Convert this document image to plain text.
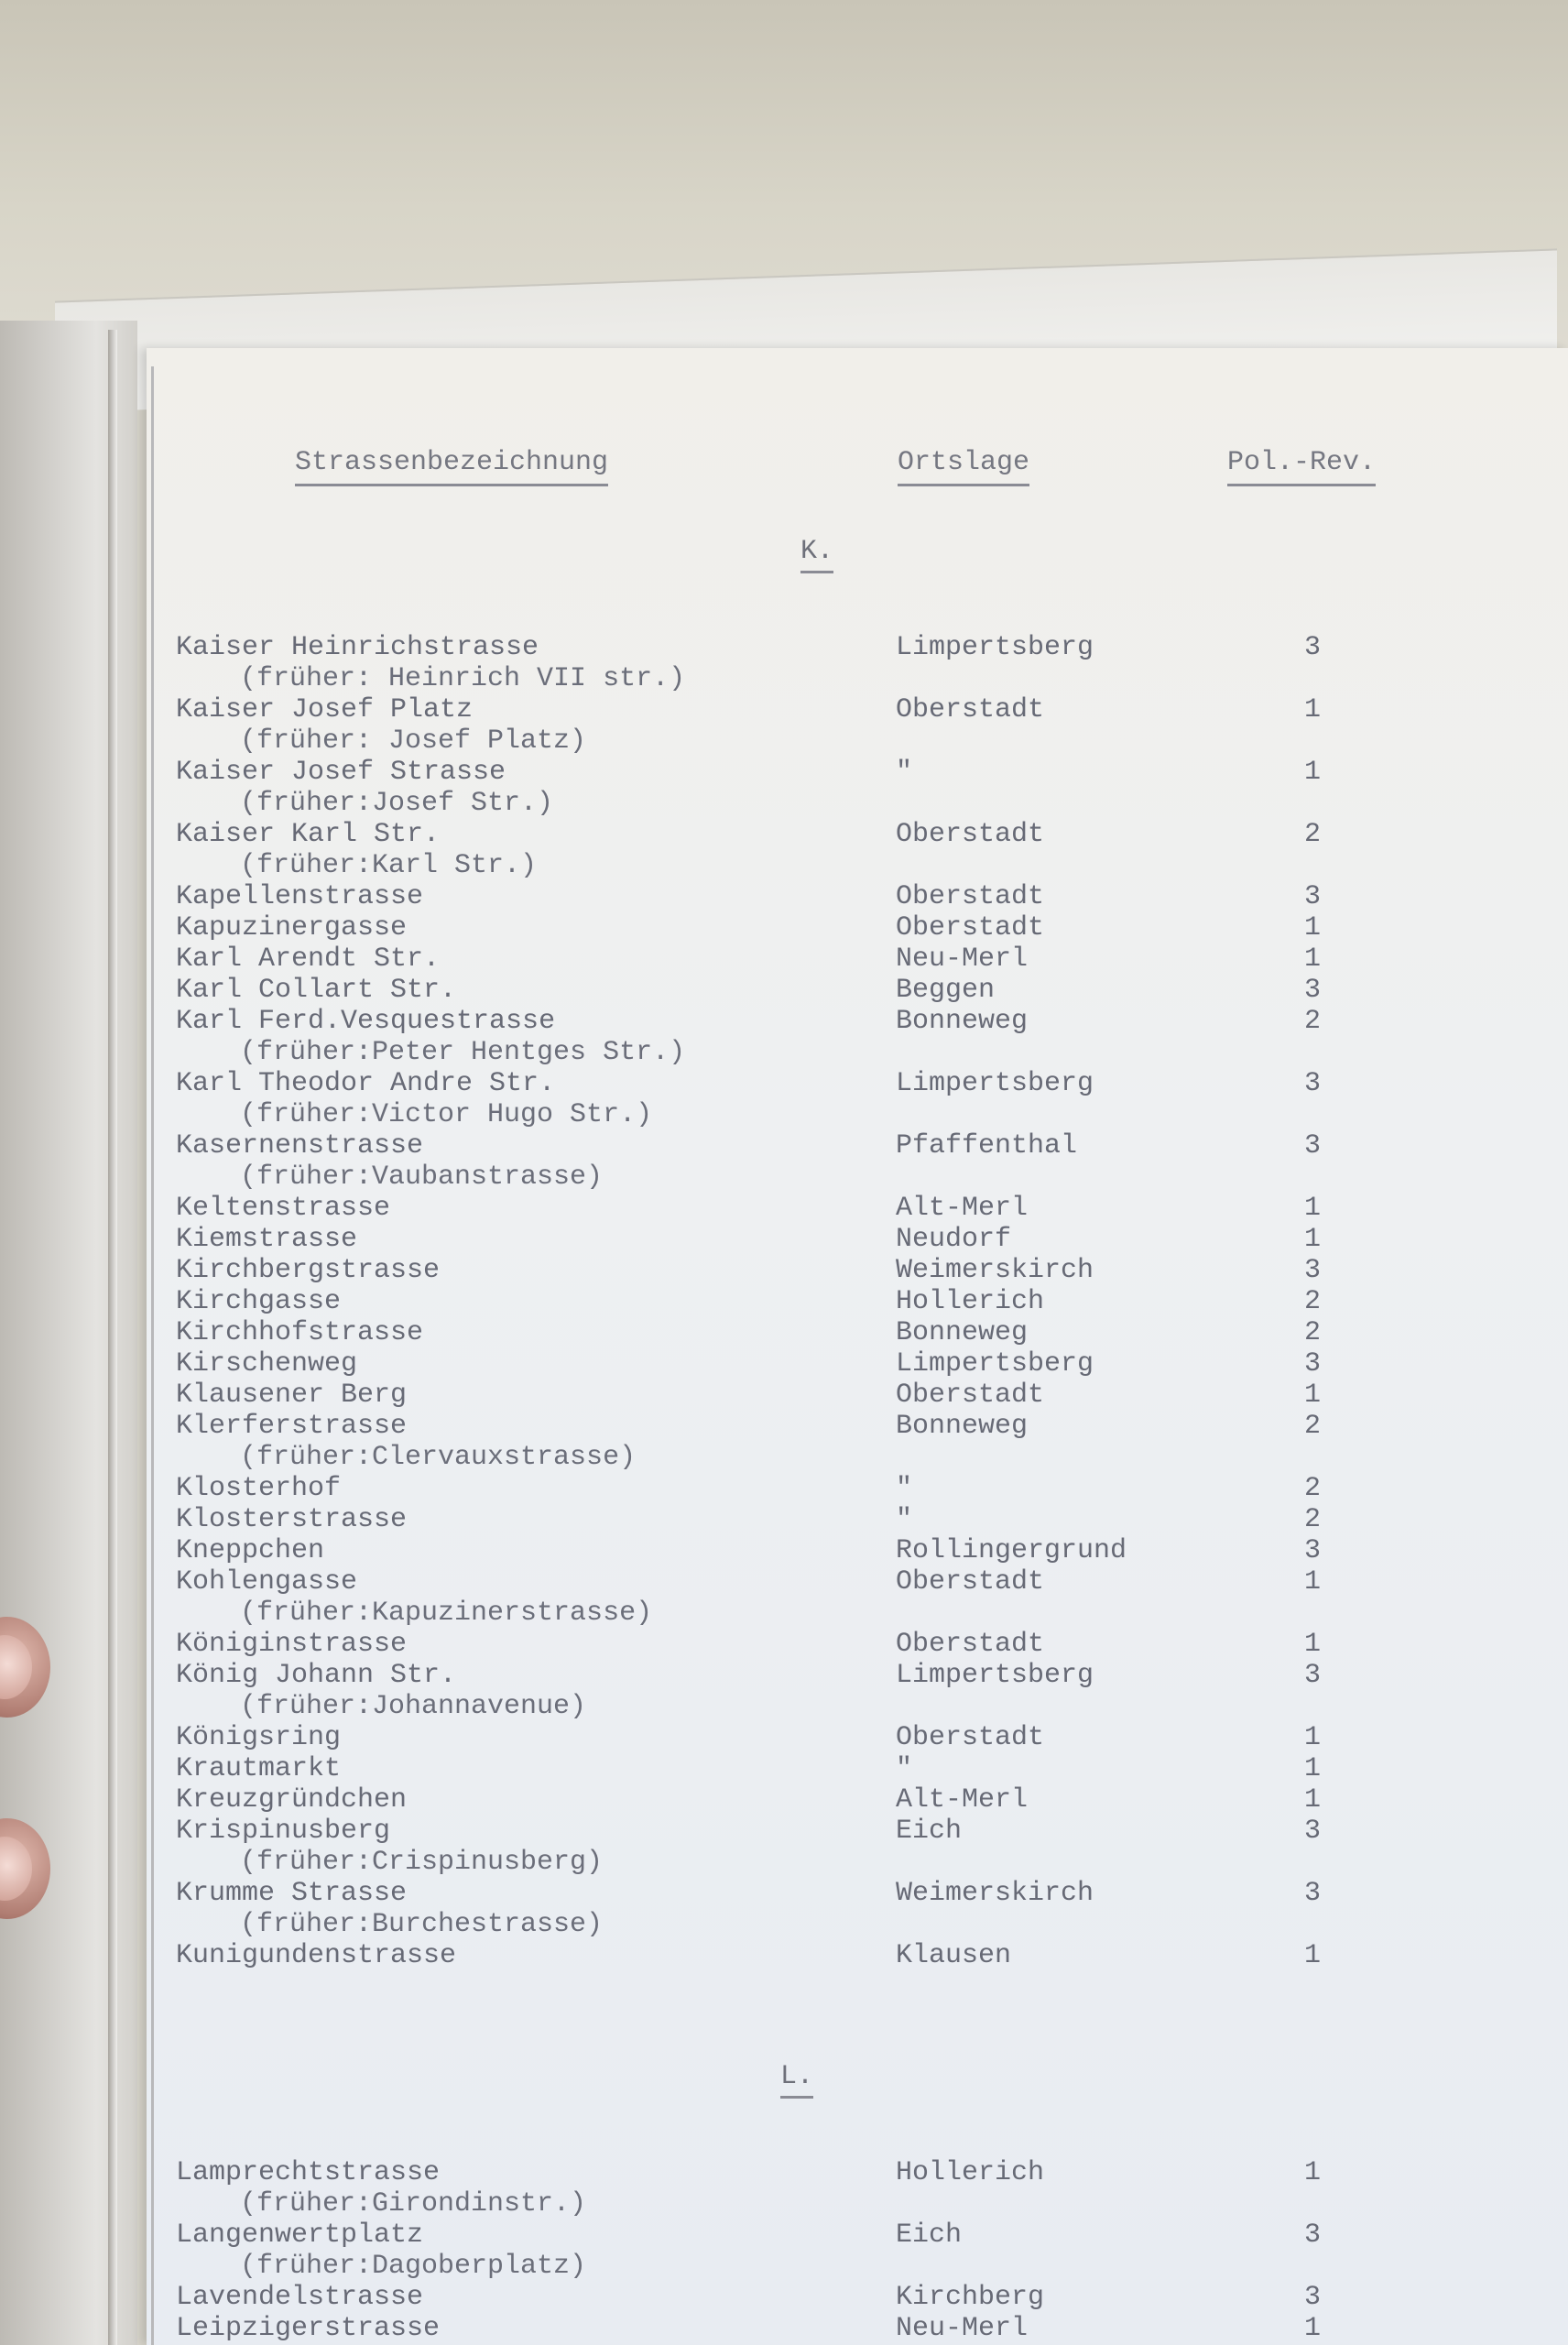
Strassenbezeichnung	Ortslage	Pol.-Rev.
K.
Kaiser Heinrichstrasse	Limpertsberg	3
(früher: Heinrich VII str.)
Kaiser Josef Platz	Oberstadt	1
(früher: Josef Platz)
Kaiser Josef Strasse	"	1
(früher:Josef Str.)
Kaiser Karl Str.	Oberstadt	2
(früher:Karl Str.)
Kapellenstrasse	Oberstadt	3
Kapuzinergasse	Oberstadt	1
Karl Arendt Str.	Neu-Merl	1
Karl Collart Str.	Beggen	3
Karl Ferd.Vesquestrasse	Bonneweg	2
(früher:Peter Hentges Str.)
Karl Theodor Andre Str.	Limpertsberg	3
(früher:Victor Hugo Str.)
Kasernenstrasse	Pfaffenthal	3
(früher:Vaubanstrasse)
Keltenstrasse	Alt-Merl	1
Kiemstrasse	Neudorf	1
Kirchbergstrasse	Weimerskirch	3
Kirchgasse	Hollerich	2
Kirchhofstrasse	Bonneweg	2
Kirschenweg	Limpertsberg	3
Klausener Berg	Oberstadt	1
Klerferstrasse	Bonneweg	2
(früher:Clervauxstrasse)
Klosterhof	"	2
Klosterstrasse	"	2
Kneppchen	Rollingergrund	3
Kohlengasse	Oberstadt	1
(früher:Kapuzinerstrasse)
Königinstrasse	Oberstadt	1
König Johann Str.	Limpertsberg	3
(früher:Johannavenue)
Königsring	Oberstadt	1
Krautmarkt	"	1
Kreuzgründchen	Alt-Merl	1
Krispinusberg	Eich	3
(früher:Crispinusberg)
Krumme Strasse	Weimerskirch	3
(früher:Burchestrasse)
Kunigundenstrasse	Klausen	1
L.
Lamprechtstrasse	Hollerich	1
(früher:Girondinstr.)
Langenwertplatz	Eich	3
(früher:Dagoberplatz)
Lavendelstrasse	Kirchberg	3
Leipzigerstrasse	Neu-Merl	1
